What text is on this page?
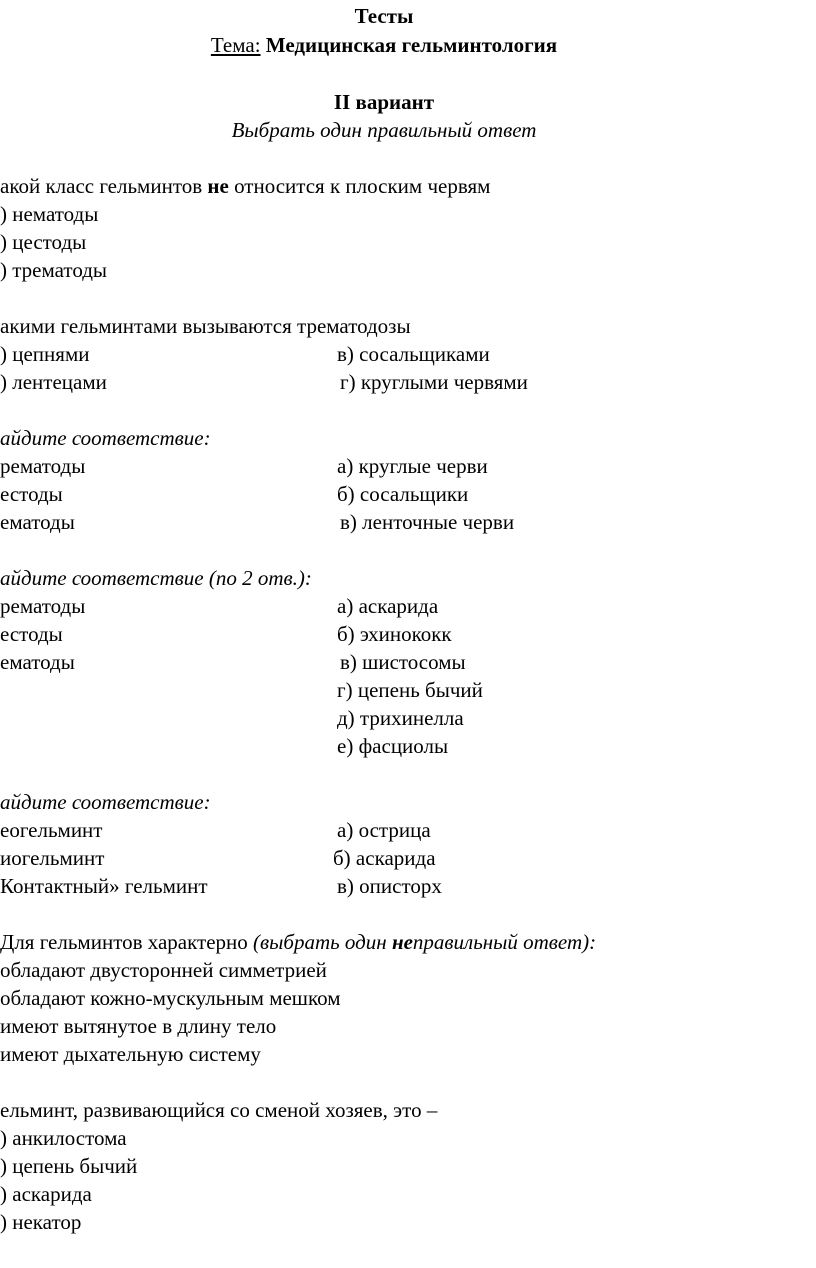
Тесты
Тема: Медицинская гельминтология
II вариант
Выбрать один правильный ответ
акой класс гельминтов не относится к плоским червям
) нематоды
) цестоды
) трематоды
акими гельминтами вызываются трематодозы
) цепнями	в) сосальщиками
) лентецами	г) круглыми червями
айдите соответствие:
рематоды	а) круглые черви
естоды	б) сосальщики
ематоды	в) ленточные черви
айдите соответствие (по 2 отв.):
рематоды	а) аскарида
естоды	б) эхинококк
ематоды	в) шистосомы
г) цепень бычий
д) трихинелла
е) фасциолы
айдите соответствие:
еогельминт	а) острица
иогельминт	б) аскарида
Контактный» гельминт	в) описторх
Для гельминтов характерно (выбрать один неправильный ответ):
обладают двусторонней симметрией
обладают кожно-мускульным мешком
имеют вытянутое в длину тело
имеют дыхательную систему
ельминт, развивающийся со сменой хозяев, это –
) анкилостома
) цепень бычий
) аскарида
) некатор
